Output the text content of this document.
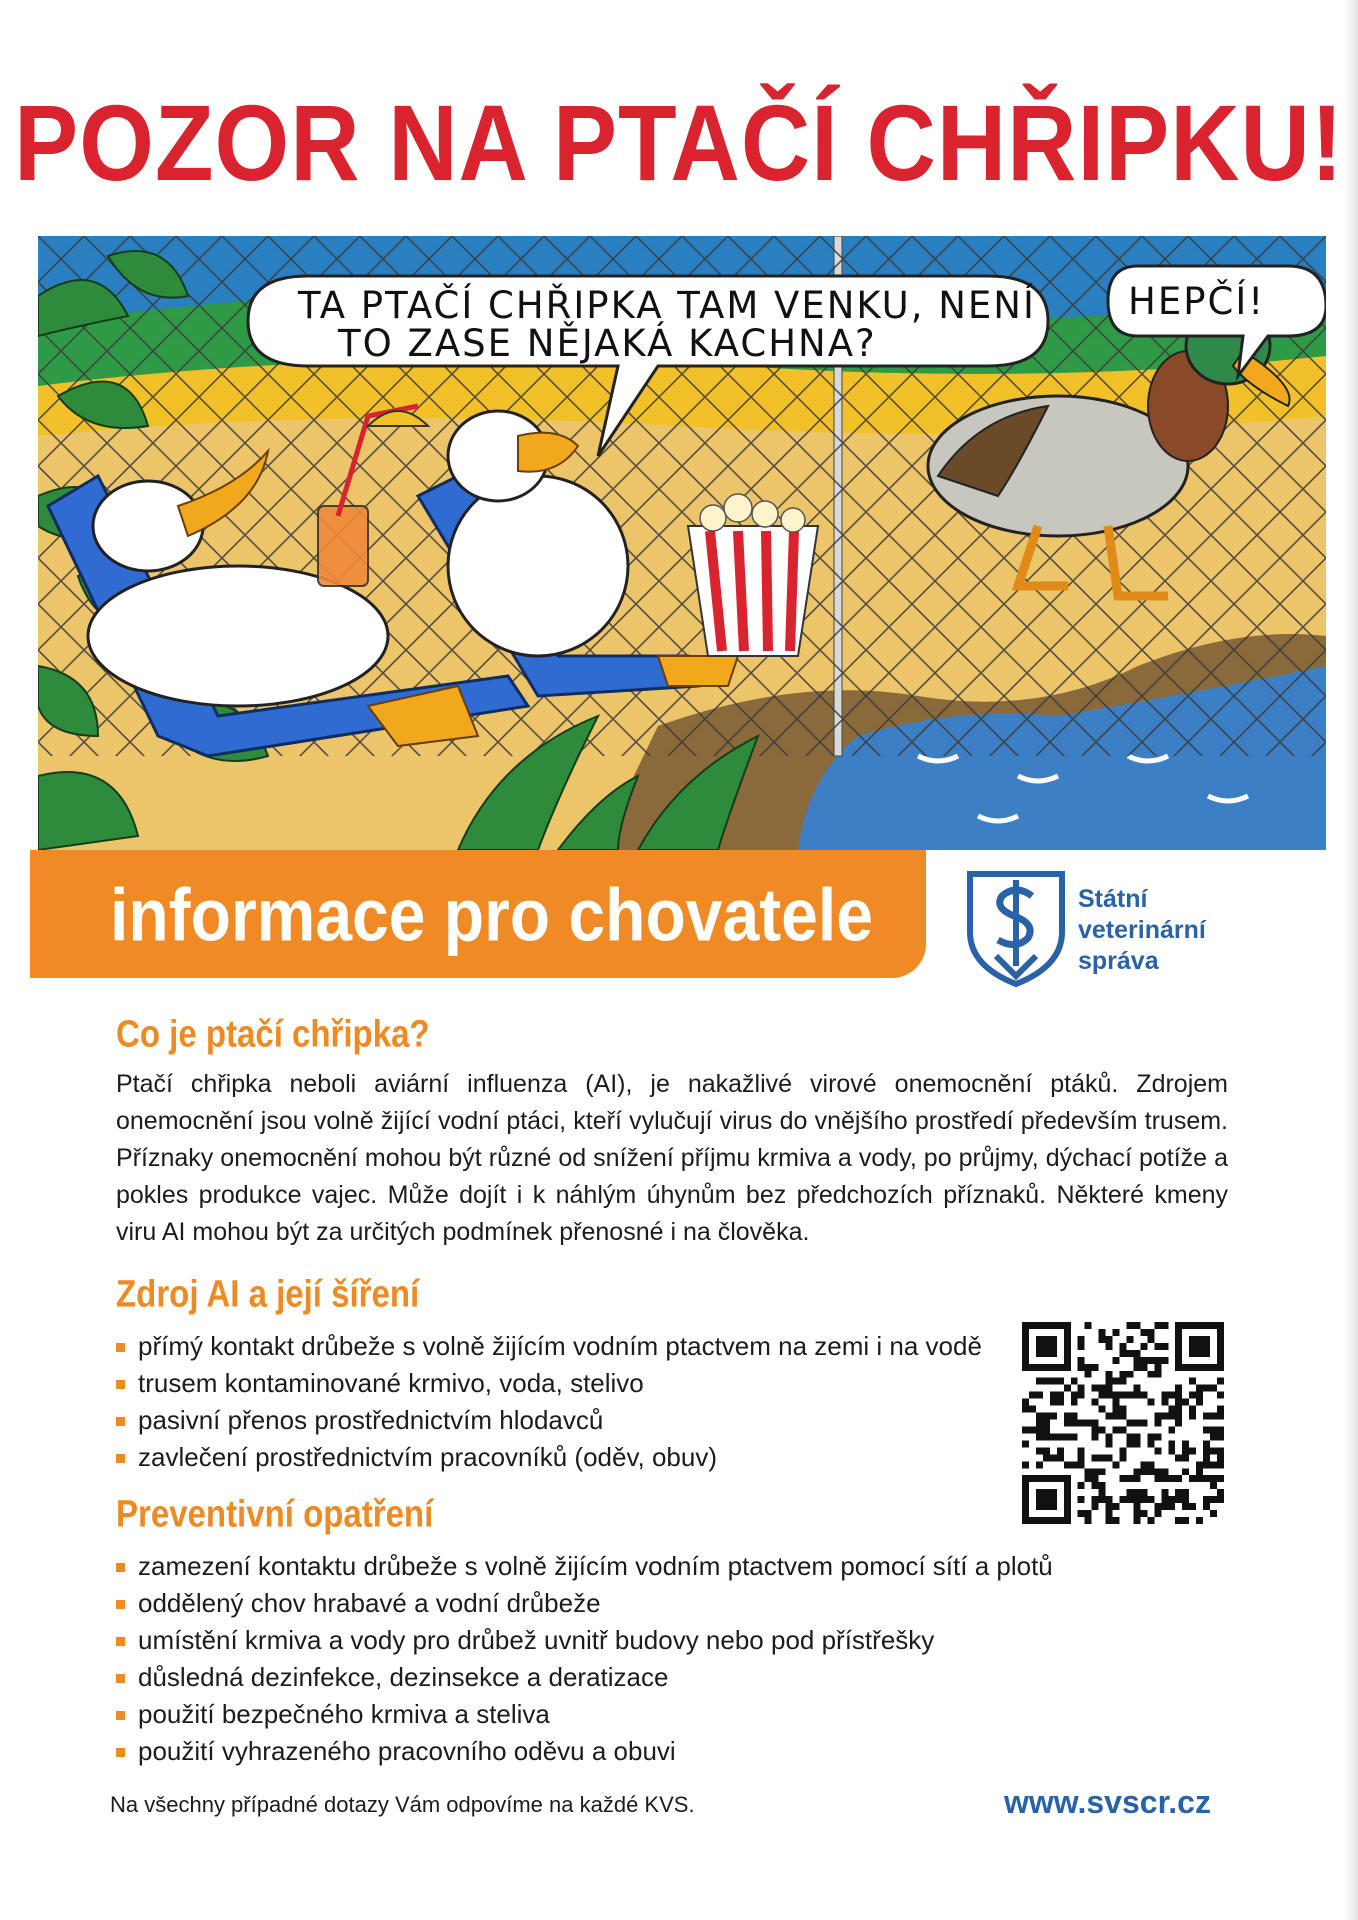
POZOR NA PTAČÍ CHŘIPKU!
TA PTAČÍ CHŘIPKA TAM VENKU, NENÍ
TO ZASE NĚJAKÁ KACHNA?
HEPČÍ!
informace pro chovatele	Státní
veterinární
správa
Co je ptačí chřipka?
Ptačí chřipka neboli aviární influenza (AI), je nakažlivé virové onemocnění ptáků. Zdrojem onemocnění jsou volně žijící vodní ptáci, kteří vylučují virus do vnějšího prostředí především trusem. Příznaky onemocnění mohou být různé od snížení příjmu krmiva a vody, po průjmy, dýchací potíže a pokles produkce vajec. Může dojít i k náhlým úhynům bez předchozích příznaků. Některé kmeny viru AI mohou být za určitých podmínek přenosné i na člověka.
Zdroj AI a její šíření
přímý kontakt drůbeže s volně žijícím vodním ptactvem na zemi i na vodě
trusem kontaminované krmivo, voda, stelivo
pasivní přenos prostřednictvím hlodavců
zavlečení prostřednictvím pracovníků (oděv, obuv)
Preventivní opatření
zamezení kontaktu drůbeže s volně žijícím vodním ptactvem pomocí sítí a plotů
oddělený chov hrabavé a vodní drůbeže
umístění krmiva a vody pro drůbež uvnitř budovy nebo pod přístřešky
důsledná dezinfekce, dezinsekce a deratizace
použití bezpečného krmiva a steliva
použití vyhrazeného pracovního oděvu a obuvi
Na všechny případné dotazy Vám odpovíme na každé KVS.	www.svscr.cz
